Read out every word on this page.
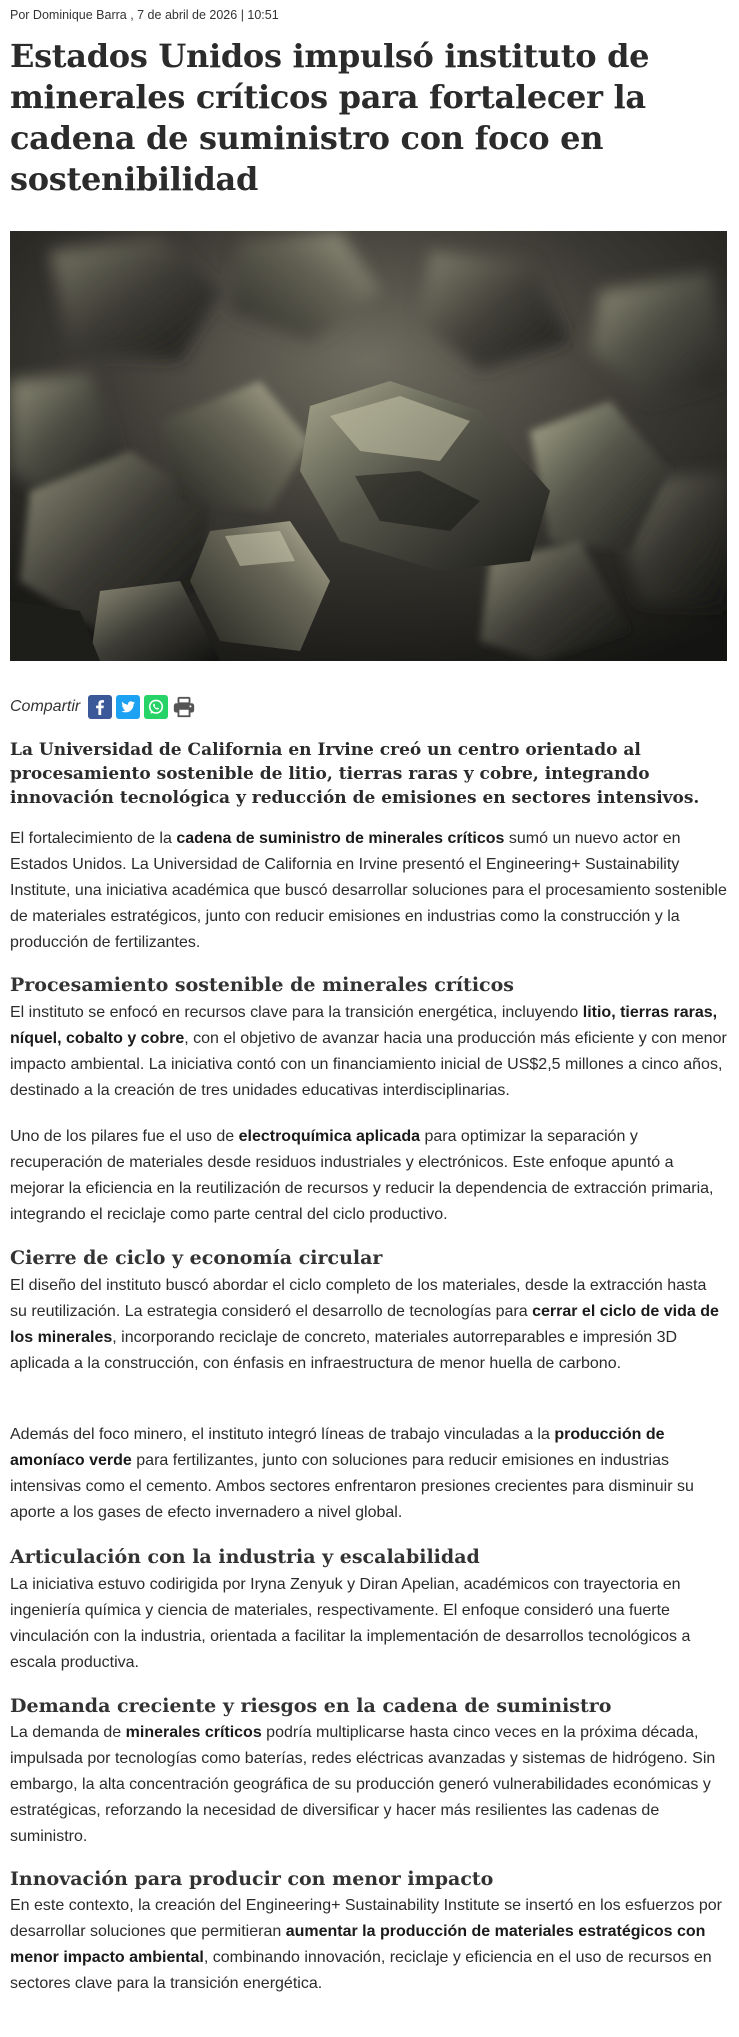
Por Dominique Barra , 7 de abril de 2026 | 10:51
Estados Unidos impulsó instituto de minerales críticos para fortalecer la cadena de suministro con foco en sostenibilidad
Compartir

La Universidad de California en Irvine creó un centro orientado al procesamiento sostenible de litio, tierras raras y cobre, integrando innovación tecnológica y reducción de emisiones en sectores intensivos.

El fortalecimiento de la cadena de suministro de minerales críticos sumó un nuevo actor en Estados Unidos. La Universidad de California en Irvine presentó el Engineering+ Sustainability Institute, una iniciativa académica que buscó desarrollar soluciones para el procesamiento sostenible de materiales estratégicos, junto con reducir emisiones en industrias como la construcción y la producción de fertilizantes.

Procesamiento sostenible de minerales críticos

El instituto se enfocó en recursos clave para la transición energética, incluyendo litio, tierras raras, níquel, cobalto y cobre, con el objetivo de avanzar hacia una producción más eficiente y con menor impacto ambiental. La iniciativa contó con un financiamiento inicial de US$2,5 millones a cinco años, destinado a la creación de tres unidades educativas interdisciplinarias.

Uno de los pilares fue el uso de electroquímica aplicada para optimizar la separación y recuperación de materiales desde residuos industriales y electrónicos. Este enfoque apuntó a mejorar la eficiencia en la reutilización de recursos y reducir la dependencia de extracción primaria, integrando el reciclaje como parte central del ciclo productivo.

Cierre de ciclo y economía circular

El diseño del instituto buscó abordar el ciclo completo de los materiales, desde la extracción hasta su reutilización. La estrategia consideró el desarrollo de tecnologías para cerrar el ciclo de vida de los minerales, incorporando reciclaje de concreto, materiales autorreparables e impresión 3D aplicada a la construcción, con énfasis en infraestructura de menor huella de carbono.

Además del foco minero, el instituto integró líneas de trabajo vinculadas a la producción de amoníaco verde para fertilizantes, junto con soluciones para reducir emisiones en industrias intensivas como el cemento. Ambos sectores enfrentaron presiones crecientes para disminuir su aporte a los gases de efecto invernadero a nivel global.

Articulación con la industria y escalabilidad

La iniciativa estuvo codirigida por Iryna Zenyuk y Diran Apelian, académicos con trayectoria en ingeniería química y ciencia de materiales, respectivamente. El enfoque consideró una fuerte vinculación con la industria, orientada a facilitar la implementación de desarrollos tecnológicos a escala productiva.

Demanda creciente y riesgos en la cadena de suministro

La demanda de minerales críticos podría multiplicarse hasta cinco veces en la próxima década, impulsada por tecnologías como baterías, redes eléctricas avanzadas y sistemas de hidrógeno. Sin embargo, la alta concentración geográfica de su producción generó vulnerabilidades económicas y estratégicas, reforzando la necesidad de diversificar y hacer más resilientes las cadenas de suministro.

Innovación para producir con menor impacto

En este contexto, la creación del Engineering+ Sustainability Institute se insertó en los esfuerzos por desarrollar soluciones que permitieran aumentar la producción de materiales estratégicos con menor impacto ambiental, combinando innovación, reciclaje y eficiencia en el uso de recursos en sectores clave para la transición energética.
